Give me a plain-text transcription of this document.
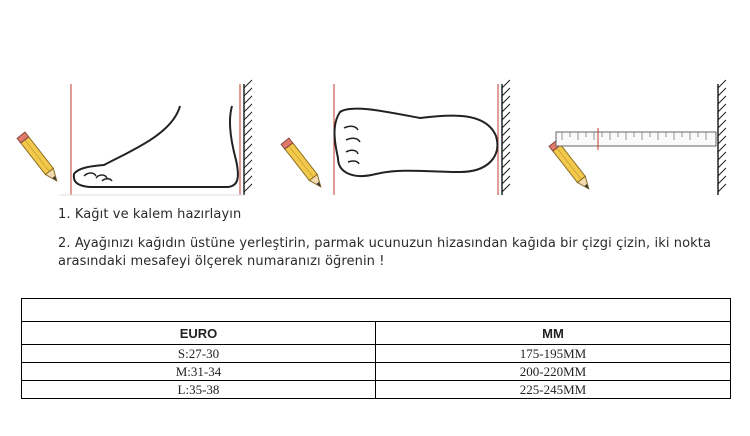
1. Kağıt ve kalem hazırlayın
2. Ayağınızı kağıdın üstüne yerleştirin, parmak ucunuzun hizasından kağıda bir çizgi çizin, iki nokta arasındaki mesafeyi ölçerek numaranızı öğrenin !

EURO	MM
S:27-30	175-195MM
M:31-34	200-220MM
L:35-38	225-245MM
